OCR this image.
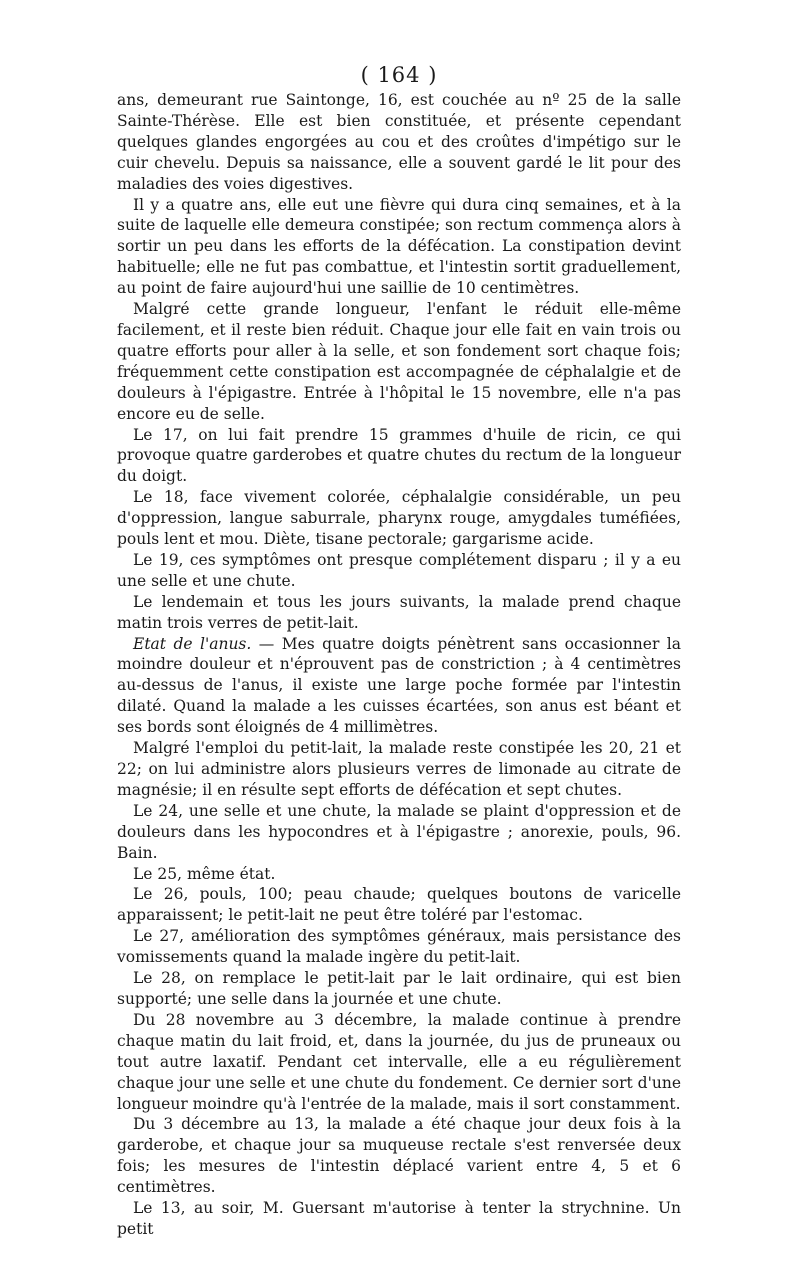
( 164 )

ans, demeurant rue Saintonge, 16, est couchée au nº 25 de la salle Sainte-Thérèse. Elle est bien constituée, et présente cependant quelques glandes engorgées au cou et des croûtes d'impétigo sur le cuir chevelu. Depuis sa naissance, elle a souvent gardé le lit pour des maladies des voies digestives.

Il y a quatre ans, elle eut une fièvre qui dura cinq semaines, et à la suite de laquelle elle demeura constipée; son rectum commença alors à sortir un peu dans les efforts de la défécation. La constipation devint habituelle; elle ne fut pas combattue, et l'intestin sortit graduellement, au point de faire aujourd'hui une saillie de 10 centimètres.

Malgré cette grande longueur, l'enfant le réduit elle-même facilement, et il reste bien réduit. Chaque jour elle fait en vain trois ou quatre efforts pour aller à la selle, et son fondement sort chaque fois; fréquemment cette constipation est accompagnée de céphalalgie et de douleurs à l'épigastre. Entrée à l'hôpital le 15 novembre, elle n'a pas encore eu de selle.

Le 17, on lui fait prendre 15 grammes d'huile de ricin, ce qui provoque quatre garderobes et quatre chutes du rectum de la longueur du doigt.

Le 18, face vivement colorée, céphalalgie considérable, un peu d'oppression, langue saburrale, pharynx rouge, amygdales tuméfiées, pouls lent et mou. Diète, tisane pectorale; gargarisme acide.

Le 19, ces symptômes ont presque complétement disparu ; il y a eu une selle et une chute.

Le lendemain et tous les jours suivants, la malade prend chaque matin trois verres de petit-lait.

Etat de l'anus. — Mes quatre doigts pénètrent sans occasionner la moindre douleur et n'éprouvent pas de constriction ; à 4 centimètres au-dessus de l'anus, il existe une large poche formée par l'intestin dilaté. Quand la malade a les cuisses écartées, son anus est béant et ses bords sont éloignés de 4 millimètres.

Malgré l'emploi du petit-lait, la malade reste constipée les 20, 21 et 22; on lui administre alors plusieurs verres de limonade au citrate de magnésie; il en résulte sept efforts de défécation et sept chutes.

Le 24, une selle et une chute, la malade se plaint d'oppression et de douleurs dans les hypocondres et à l'épigastre ; anorexie, pouls, 96. Bain.

Le 25, même état.

Le 26, pouls, 100; peau chaude; quelques boutons de varicelle apparaissent; le petit-lait ne peut être toléré par l'estomac.

Le 27, amélioration des symptômes généraux, mais persistance des vomissements quand la malade ingère du petit-lait.

Le 28, on remplace le petit-lait par le lait ordinaire, qui est bien supporté; une selle dans la journée et une chute.

Du 28 novembre au 3 décembre, la malade continue à prendre chaque matin du lait froid, et, dans la journée, du jus de pruneaux ou tout autre laxatif. Pendant cet intervalle, elle a eu régulièrement chaque jour une selle et une chute du fondement. Ce dernier sort d'une longueur moindre qu'à l'entrée de la malade, mais il sort constamment.

Du 3 décembre au 13, la malade a été chaque jour deux fois à la garderobe, et chaque jour sa muqueuse rectale s'est renversée deux fois; les mesures de l'intestin déplacé varient entre 4, 5 et 6 centimètres.

Le 13, au soir, M. Guersant m'autorise à tenter la strychnine. Un petit
